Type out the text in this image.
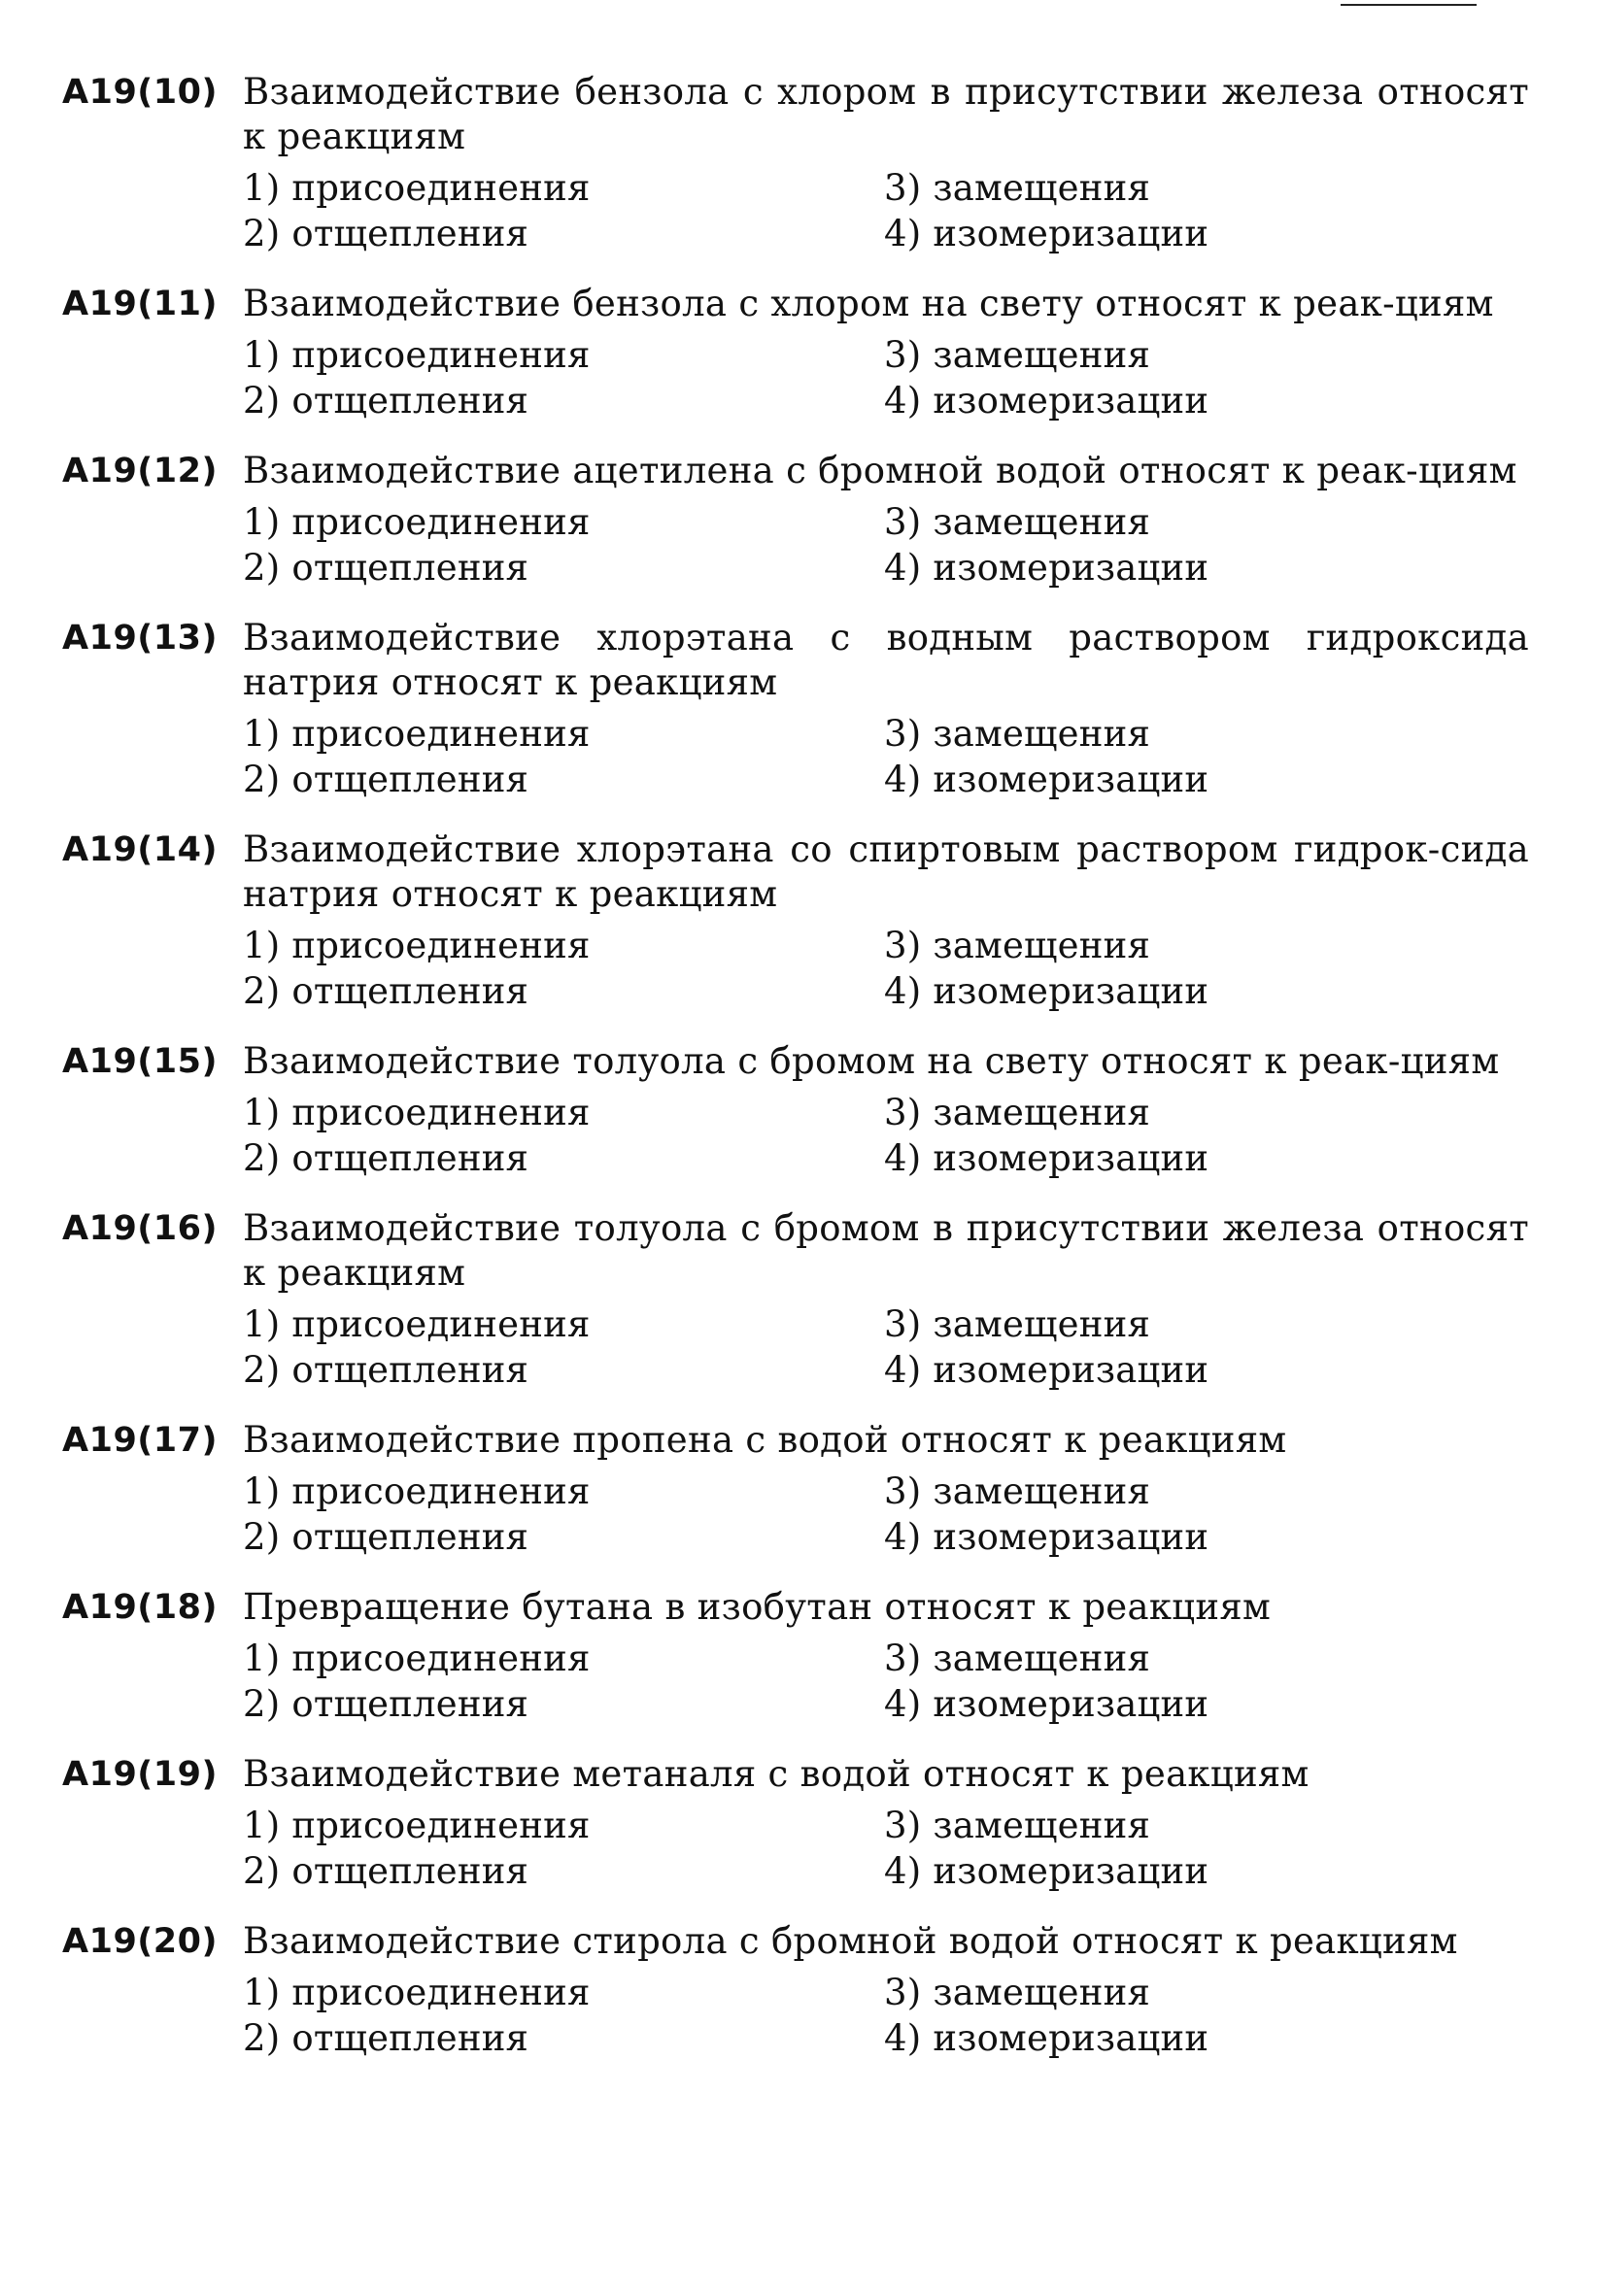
A19(10) Взаимодействие бензола с хлором в присутствии железа относят к реакциям
1) присоединения	3) замещения
2) отщепления	4) изомеризации
A19(11) Взаимодействие бензола с хлором на свету относят к реак-циям
1) присоединения	3) замещения
2) отщепления	4) изомеризации
A19(12) Взаимодействие ацетилена с бромной водой относят к реак-циям
1) присоединения	3) замещения
2) отщепления	4) изомеризации
A19(13) Взаимодействие хлорэтана с водным раствором гидроксида натрия относят к реакциям
1) присоединения	3) замещения
2) отщепления	4) изомеризации
A19(14) Взаимодействие хлорэтана со спиртовым раствором гидрок-сида натрия относят к реакциям
1) присоединения	3) замещения
2) отщепления	4) изомеризации
A19(15) Взаимодействие толуола с бромом на свету относят к реак-циям
1) присоединения	3) замещения
2) отщепления	4) изомеризации
A19(16) Взаимодействие толуола с бромом в присутствии железа относят к реакциям
1) присоединения	3) замещения
2) отщепления	4) изомеризации
A19(17) Взаимодействие пропена с водой относят к реакциям
1) присоединения	3) замещения
2) отщепления	4) изомеризации
A19(18) Превращение бутана в изобутан относят к реакциям
1) присоединения	3) замещения
2) отщепления	4) изомеризации
A19(19) Взаимодействие метаналя с водой относят к реакциям
1) присоединения	3) замещения
2) отщепления	4) изомеризации
A19(20) Взаимодействие стирола с бромной водой относят к реакциям
1) присоединения	3) замещения
2) отщепления	4) изомеризации
